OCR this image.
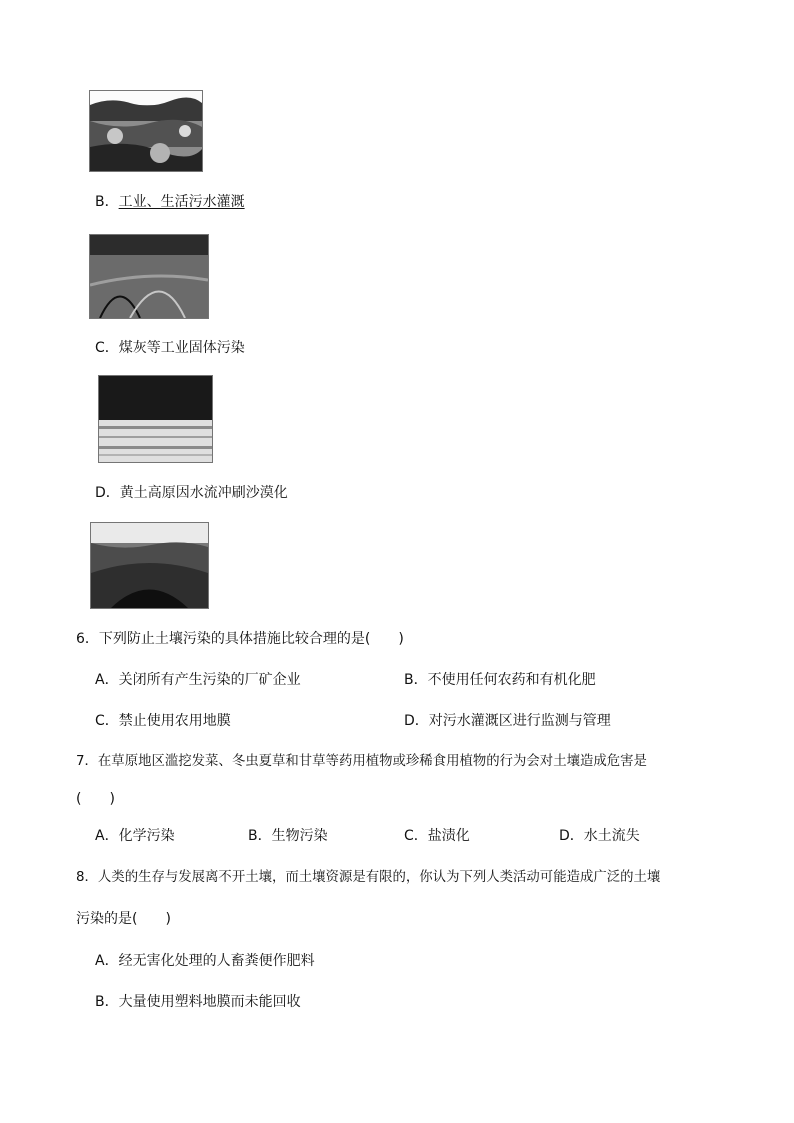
B．工业、生活污水灌溉
C．煤灰等工业固体污染
D．黄土高原因水流冲刷沙漠化
6．下列防止土壤污染的具体措施比较合理的是(　　)
A．关闭所有产生污染的厂矿企业	B．不使用任何农药和有机化肥
C．禁止使用农用地膜	D．对污水灌溉区进行监测与管理
7．在草原地区滥挖发菜、冬虫夏草和甘草等药用植物或珍稀食用植物的行为会对土壤造成危害是
(　　)
A．化学污染	B．生物污染	C．盐渍化	D．水土流失
8．人类的生存与发展离不开土壤，而土壤资源是有限的，你认为下列人类活动可能造成广泛的土壤
污染的是(　　)
A．经无害化处理的人畜粪便作肥料
B．大量使用塑料地膜而未能回收
